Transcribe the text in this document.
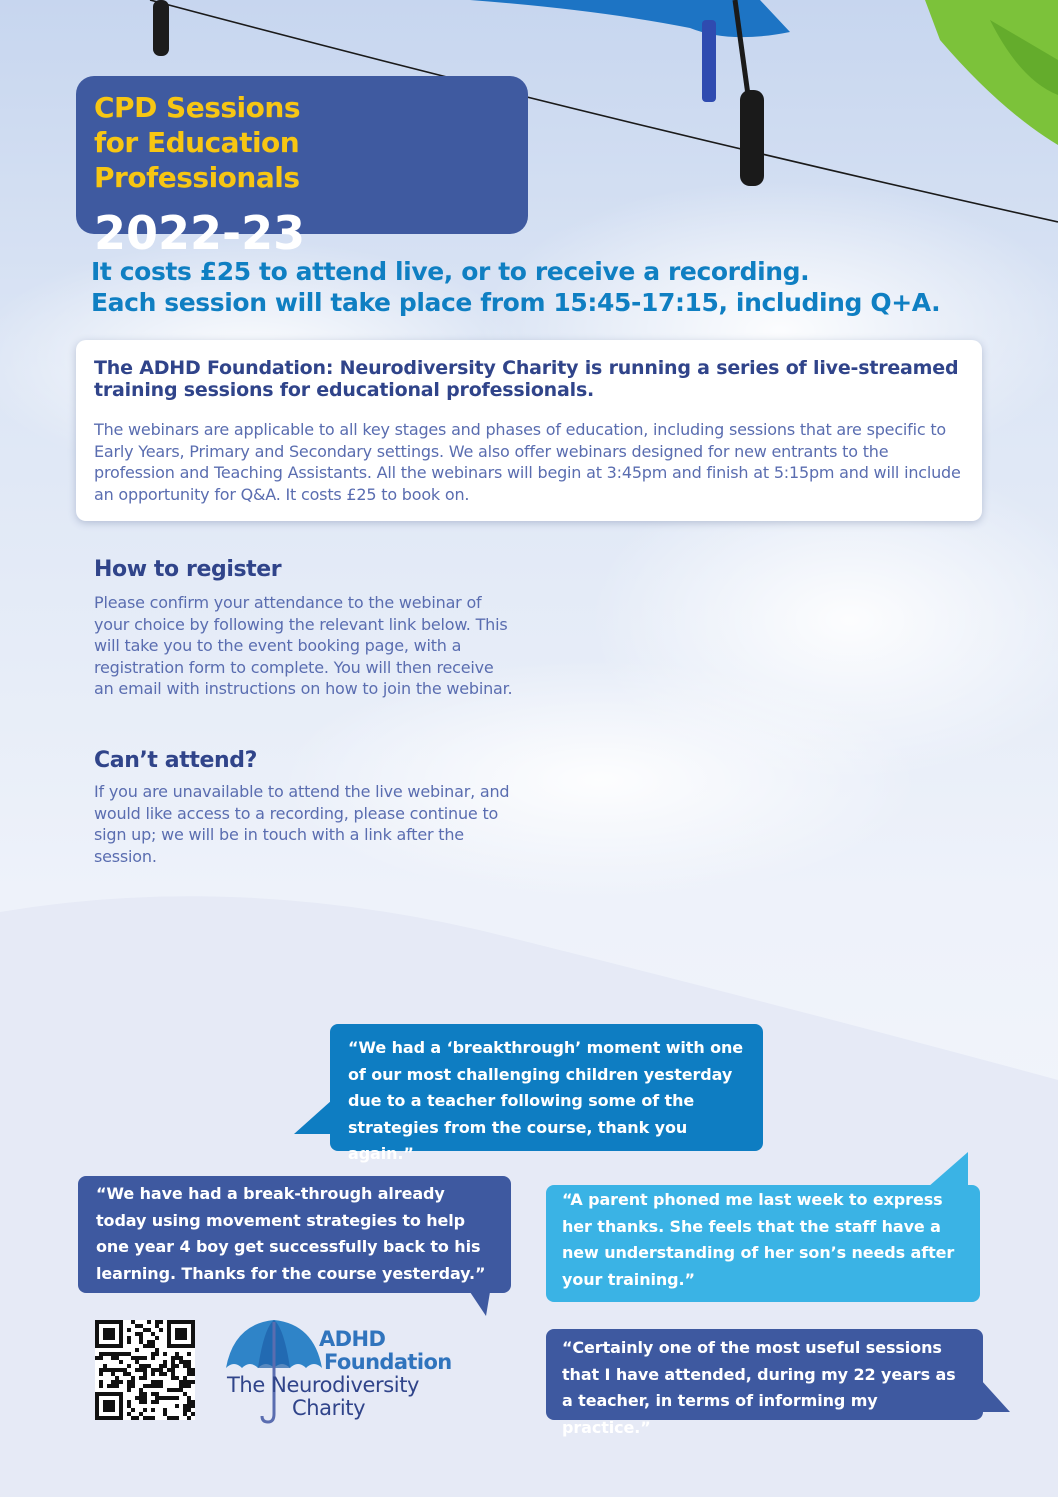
CPD Sessions
for Education Professionals
2022-23
It costs £25 to attend live, or to receive a recording.
Each session will take place from 15:45-17:15, including Q+A.

The ADHD Foundation: Neurodiversity Charity is running a series of live-streamed training sessions for educational professionals.

The webinars are applicable to all key stages and phases of education, including sessions that are specific to Early Years, Primary and Secondary settings. We also offer webinars designed for new entrants to the profession and Teaching Assistants. All the webinars will begin at 3:45pm and finish at 5:15pm and will include an opportunity for Q&A. It costs £25 to book on.

How to register
Please confirm your attendance to the webinar of your choice by following the relevant link below. This will take you to the event booking page, with a registration form to complete. You will then receive an email with instructions on how to join the webinar.
Can’t attend?
If you are unavailable to attend the live webinar, and would like access to a recording, please continue to sign up; we will be in touch with a link after the session.
“We had a ‘breakthrough’ moment with one of our most challenging children yesterday due to a teacher following some of the strategies from the course, thank you again.”
“We have had a break-through already today using movement strategies to help one year 4 boy get successfully back to his learning. Thanks for the course yesterday.”
“A parent phoned me last week to express her thanks. She feels that the staff have a new understanding of her son’s needs after your training.”
“Certainly one of the most useful sessions that I have attended, during my 22 years as a teacher, in terms of informing my practice.”
ADHD
Foundation
The Neurodiversity
Charity
